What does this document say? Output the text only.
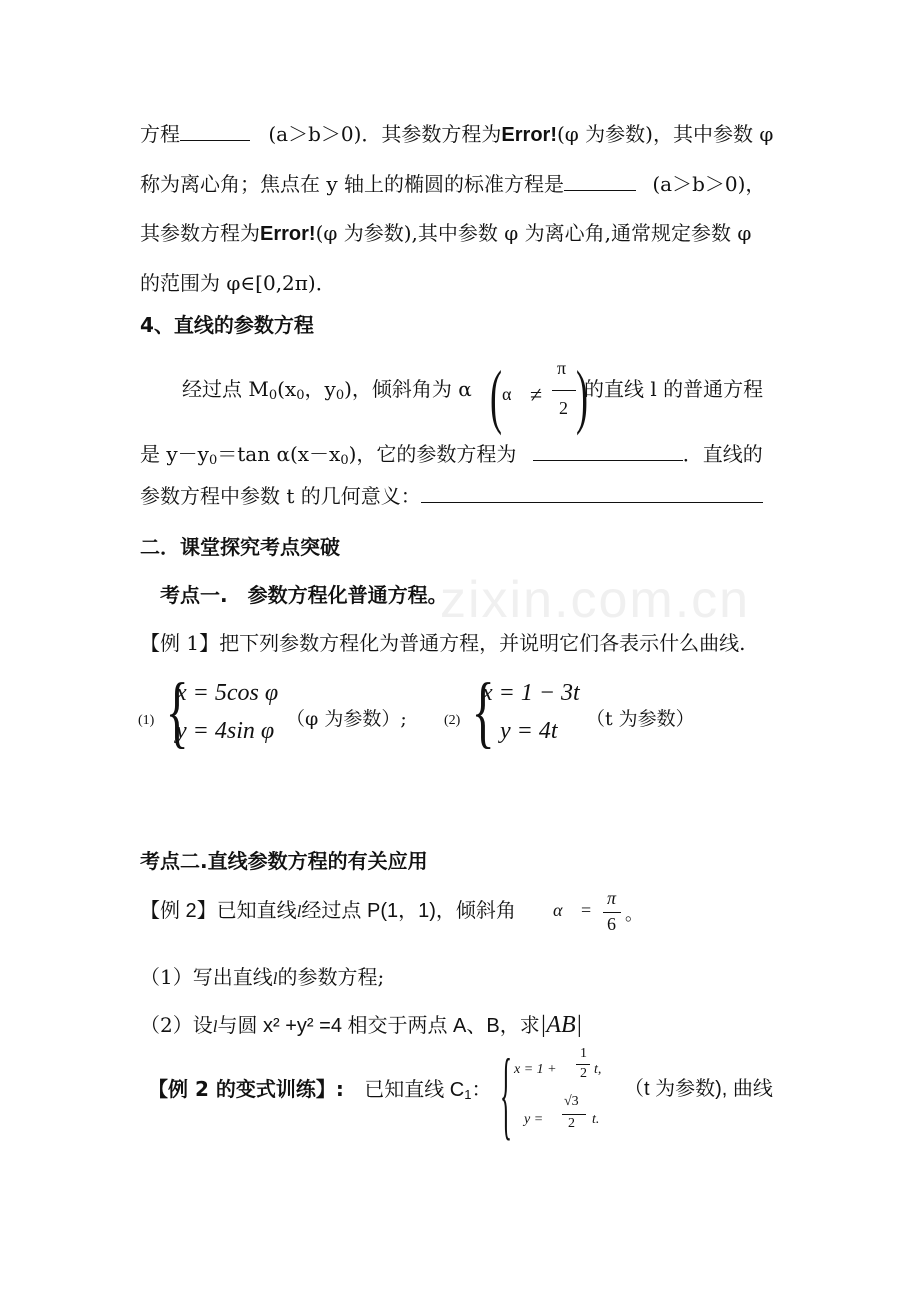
zixin.com.cn
方程	(a＞b＞0)．其参数方程为Error!(φ 为参数)，其中参数 φ
称为离心角；焦点在 y 轴上的椭圆的标准方程是	(a＞b＞0)，
其参数方程为Error!(φ 为参数),其中参数 φ 为离心角,通常规定参数 φ
的范围为 φ∈[0,2π)．
4、直线的参数方程
经过点 $M_0(x_0$，$y_0$)，倾斜角为 α ( α ≠
π
2 )
的直线 l 的普通方程
是 $y-y_0=\tan$ $\alpha(x-x_0)$，它的参数方程为	．直线的
参数方程中参数 t 的几何意义：
二．课堂探究考点突破
考点一.　参数方程化普通方程。
【例 1】把下列参数方程化为普通方程，并说明它们各表示什么曲线.
(1) {
x = 5cos φ
y = 4sin φ （φ 为参数）;	(2) {
x = 1 − 3t
y = 4t （t 为参数）
考点二.直线参数方程的有关应用
【例 2】已知直线l经过点 P(1，1)，倾斜角 α =
π
6 。
（1）写出直线l的参数方程;
（2）设l与圆 x² +y² =4 相交于两点 A、B，求|AB|
【例 2 的变式训练】: 已知直线 $C_1$： { x = 1 +
1
2 t,
y =
√3
2 t.
（t 为参数), 曲线
